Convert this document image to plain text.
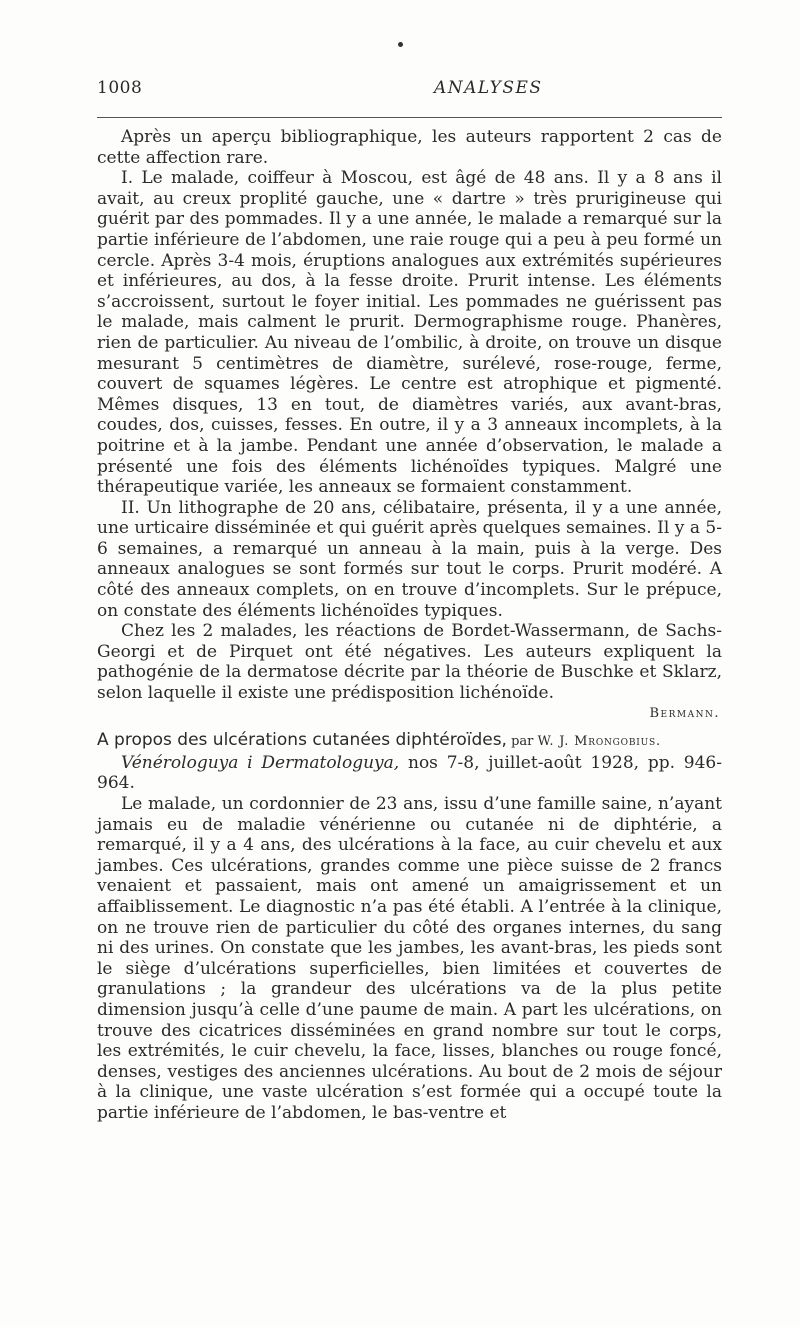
1008	ANALYSES

Après un aperçu bibliographique, les auteurs rapportent 2 cas de cette affection rare.

I. Le malade, coiffeur à Moscou, est âgé de 48 ans. Il y a 8 ans il avait, au creux proplité gauche, une « dartre » très prurigineuse qui guérit par des pommades. Il y a une année, le malade a remarqué sur la partie inférieure de l’abdomen, une raie rouge qui a peu à peu formé un cercle. Après 3-4 mois, éruptions analogues aux extrémités supérieures et inférieures, au dos, à la fesse droite. Prurit intense. Les éléments s’accroissent, surtout le foyer initial. Les pommades ne guérissent pas le malade, mais calment le prurit. Dermographisme rouge. Phanères, rien de particulier. Au niveau de l’ombilic, à droite, on trouve un disque mesurant 5 centimètres de diamètre, surélevé, rose-rouge, ferme, couvert de squames légères. Le centre est atrophique et pigmenté. Mêmes disques, 13 en tout, de diamètres variés, aux avant-bras, coudes, dos, cuisses, fesses. En outre, il y a 3 anneaux incomplets, à la poitrine et à la jambe. Pendant une année d’observation, le malade a présenté une fois des éléments lichénoïdes typiques. Malgré une thérapeutique variée, les anneaux se formaient constamment.

II. Un lithographe de 20 ans, célibataire, présenta, il y a une année, une urticaire disséminée et qui guérit après quelques semaines. Il y a 5-6 semaines, a remarqué un anneau à la main, puis à la verge. Des anneaux analogues se sont formés sur tout le corps. Prurit modéré. A côté des anneaux complets, on en trouve d’incomplets. Sur le prépuce, on constate des éléments lichénoïdes typiques.

Chez les 2 malades, les réactions de Bordet-Wassermann, de Sachs-Georgi et de Pirquet ont été négatives. Les auteurs expliquent la pathogénie de la dermatose décrite par la théorie de Buschke et Sklarz, selon laquelle il existe une prédisposition lichénoïde.

Bermann.

A propos des ulcérations cutanées diphtéroïdes, par W. J. Mrongobius.

Vénérologuya i Dermatologuya, nos 7-8, juillet-août 1928, pp. 946-964.

Le malade, un cordonnier de 23 ans, issu d’une famille saine, n’ayant jamais eu de maladie vénérienne ou cutanée ni de diphtérie, a remarqué, il y a 4 ans, des ulcérations à la face, au cuir chevelu et aux jambes. Ces ulcérations, grandes comme une pièce suisse de 2 francs venaient et passaient, mais ont amené un amaigrissement et un affaiblissement. Le diagnostic n’a pas été établi. A l’entrée à la clinique, on ne trouve rien de particulier du côté des organes internes, du sang ni des urines. On constate que les jambes, les avant-bras, les pieds sont le siège d’ulcérations superficielles, bien limitées et couvertes de granulations ; la grandeur des ulcérations va de la plus petite dimension jusqu’à celle d’une paume de main. A part les ulcérations, on trouve des cicatrices disséminées en grand nombre sur tout le corps, les extrémités, le cuir chevelu, la face, lisses, blanches ou rouge foncé, denses, vestiges des anciennes ulcérations. Au bout de 2 mois de séjour à la clinique, une vaste ulcération s’est formée qui a occupé toute la partie inférieure de l’abdomen, le bas-ventre et
